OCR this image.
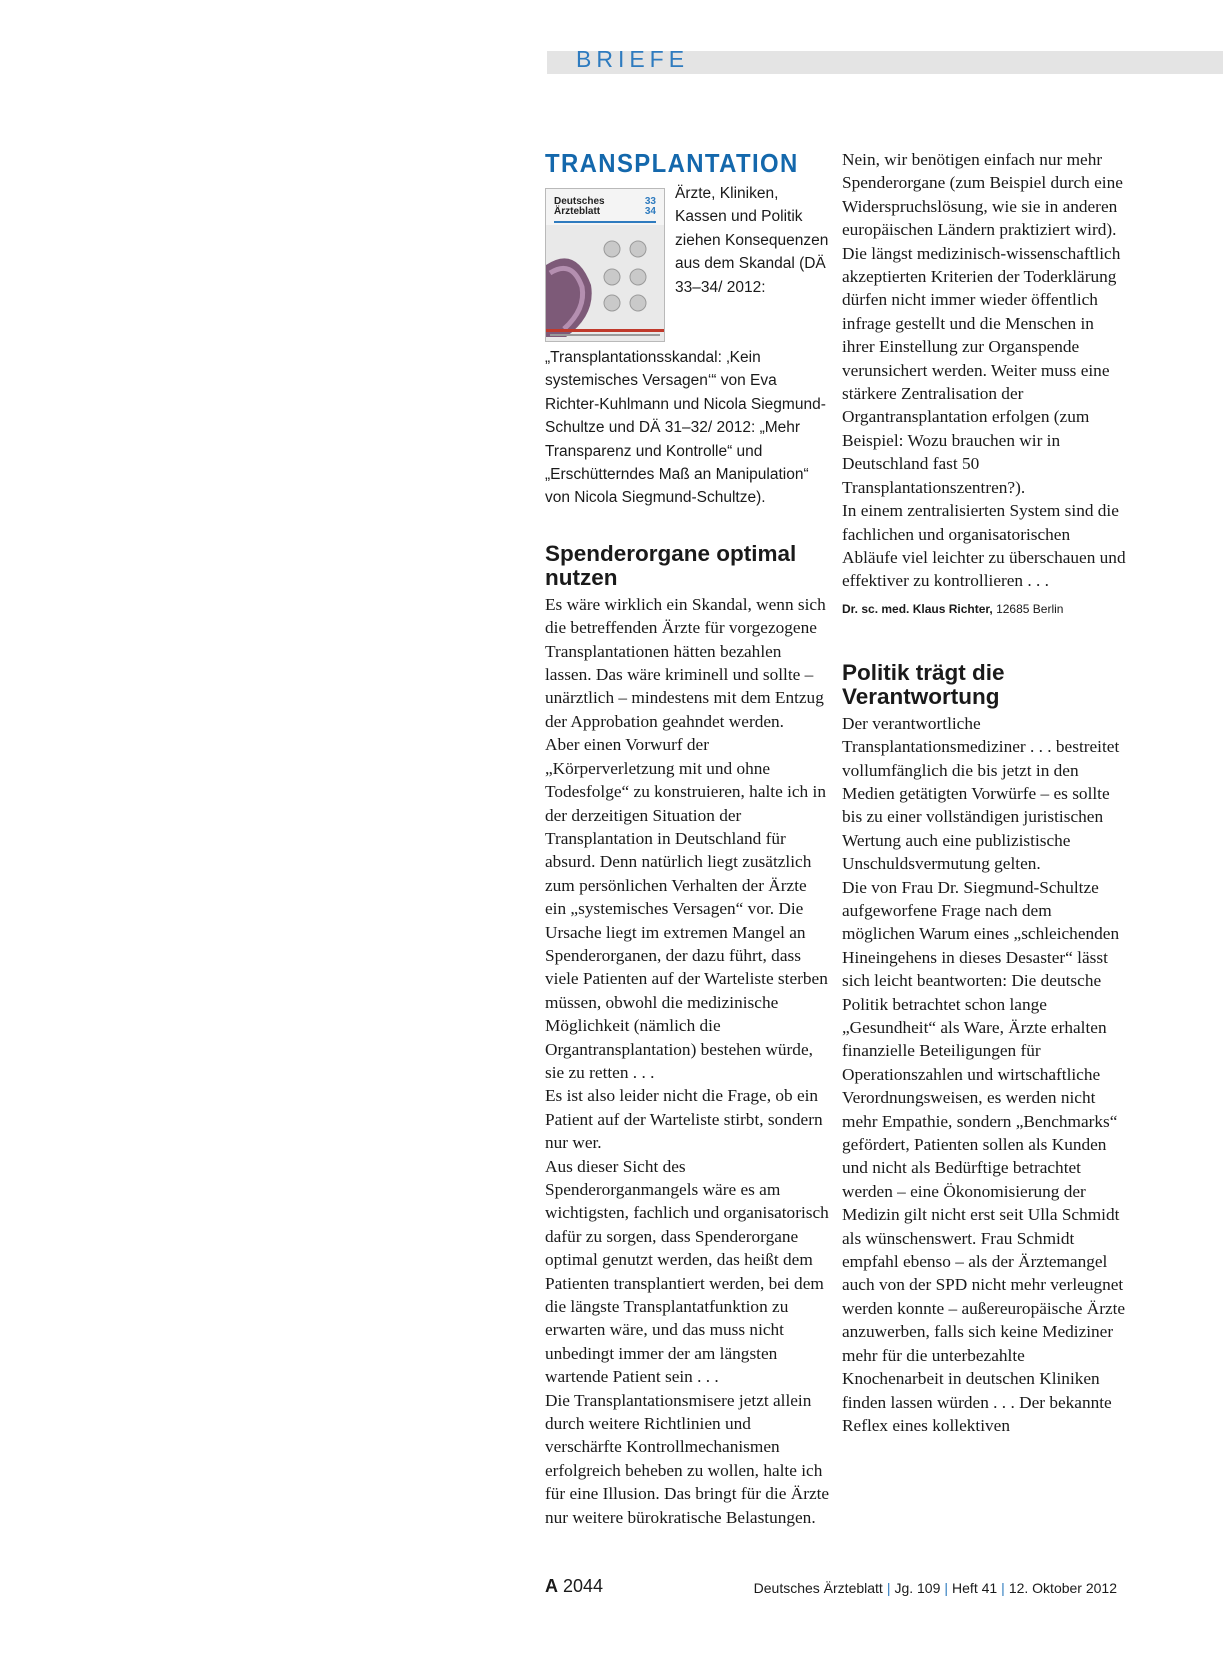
BRIEFE
TRANSPLANTATION
Deutsches
Ärzteblatt
33
34

Ärzte, Kliniken, Kassen und Politik ziehen Konsequenzen aus dem Skandal (DÄ 33–34/ 2012: „Transplantationsskandal: ‚Kein systemisches Versagen‘“ von Eva Richter-Kuhlmann und Nicola Siegmund-Schultze und DÄ 31–32/ 2012: „Mehr Transparenz und Kontrolle“ und „Erschütterndes Maß an Manipulation“ von Nicola Siegmund-Schultze).

Spenderorgane optimal nutzen

Es wäre wirklich ein Skandal, wenn sich die betreffenden Ärzte für vorgezogene Transplantationen hätten bezahlen lassen. Das wäre kriminell und sollte – unärztlich – mindestens mit dem Entzug der Approbation geahndet werden.

Aber einen Vorwurf der „Körperverletzung mit und ohne Todesfolge“ zu konstruieren, halte ich in der derzeitigen Situation der Transplantation in Deutschland für absurd. Denn natürlich liegt zusätzlich zum persönlichen Verhalten der Ärzte ein „systemisches Versagen“ vor. Die Ursache liegt im extremen Mangel an Spenderorganen, der dazu führt, dass viele Patienten auf der Warteliste sterben müssen, obwohl die medizinische Möglichkeit (nämlich die Organtransplantation) bestehen würde, sie zu retten . . .

Es ist also leider nicht die Frage, ob ein Patient auf der Warteliste stirbt, sondern nur wer.

Aus dieser Sicht des Spenderorganmangels wäre es am wichtigsten, fachlich und organisatorisch dafür zu sorgen, dass Spenderorgane optimal genutzt werden, das heißt dem Patienten transplantiert werden, bei dem die längste Transplantatfunktion zu erwarten wäre, und das muss nicht unbedingt immer der am längsten wartende Patient sein . . .

Die Transplantationsmisere jetzt allein durch weitere Richtlinien und verschärfte Kontrollmechanismen erfolgreich beheben zu wollen, halte ich für eine Illusion. Das bringt für die Ärzte nur weitere bürokratische Belastungen.

Nein, wir benötigen einfach nur mehr Spenderorgane (zum Beispiel durch eine Widerspruchslösung, wie sie in anderen europäischen Ländern praktiziert wird). Die längst medizinisch-wissenschaftlich akzeptierten Kriterien der Toderklärung dürfen nicht immer wieder öffentlich infrage gestellt und die Menschen in ihrer Einstellung zur Organspende verunsichert werden. Weiter muss eine stärkere Zentralisation der Organtransplantation erfolgen (zum Beispiel: Wozu brauchen wir in Deutschland fast 50 Transplantationszentren?).

In einem zentralisierten System sind die fachlichen und organisatorischen Abläufe viel leichter zu überschauen und effektiver zu kontrollieren . . .

Dr. sc. med. Klaus Richter, 12685 Berlin

Politik trägt die Verantwortung

Der verantwortliche Transplantationsmediziner . . . bestreitet vollumfänglich die bis jetzt in den Medien getätigten Vorwürfe – es sollte bis zu einer vollständigen juristischen Wertung auch eine publizistische Unschuldsvermutung gelten.

Die von Frau Dr. Siegmund-Schultze aufgeworfene Frage nach dem möglichen Warum eines „schleichenden Hineingehens in dieses Desaster“ lässt sich leicht beantworten: Die deutsche Politik betrachtet schon lange „Gesundheit“ als Ware, Ärzte erhalten finanzielle Beteiligungen für Operationszahlen und wirtschaftliche Verordnungsweisen, es werden nicht mehr Empathie, sondern „Benchmarks“ gefördert, Patienten sollen als Kunden und nicht als Bedürftige betrachtet werden – eine Ökonomisierung der Medizin gilt nicht erst seit Ulla Schmidt als wünschenswert. Frau Schmidt empfahl ebenso – als der Ärztemangel auch von der SPD nicht mehr verleugnet werden konnte – außereuropäische Ärzte anzuwerben, falls sich keine Mediziner mehr für die unterbezahlte Knochenarbeit in deutschen Kliniken finden lassen würden . . . Der bekannte Reflex eines kollektiven

A 2044	Deutsches Ärzteblatt | Jg. 109 | Heft 41 | 12. Oktober 2012
